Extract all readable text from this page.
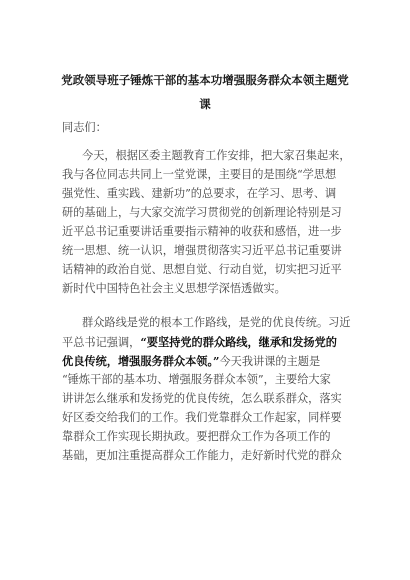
党政领导班子锤炼干部的基本功增强服务群众本领主题党
课

同志们：

今天，根据区委主题教育工作安排，把大家召集起来，

我与各位同志共同上一堂党课，主要目的是围绕“学思想

强党性、重实践、建新功”的总要求，在学习、思考、调

研的基础上，与大家交流学习贯彻党的创新理论特别是习

近平总书记重要讲话重要指示精神的收获和感悟，进一步

统一思想、统一认识，增强贯彻落实习近平总书记重要讲

话精神的政治自觉、思想自觉、行动自觉，切实把习近平

新时代中国特色社会主义思想学深悟透做实。

群众路线是党的根本工作路线，是党的优良传统。习近

平总书记强调，“要坚持党的群众路线，继承和发扬党的

优良传统，增强服务群众本领。”今天我讲课的主题是

“锤炼干部的基本功、增强服务群众本领”，主要给大家

讲讲怎么继承和发扬党的优良传统，怎么联系群众，落实

好区委交给我们的工作。我们党靠群众工作起家，同样要

靠群众工作实现长期执政。要把群众工作为各项工作的

基础，更加注重提高群众工作能力，走好新时代党的群众
